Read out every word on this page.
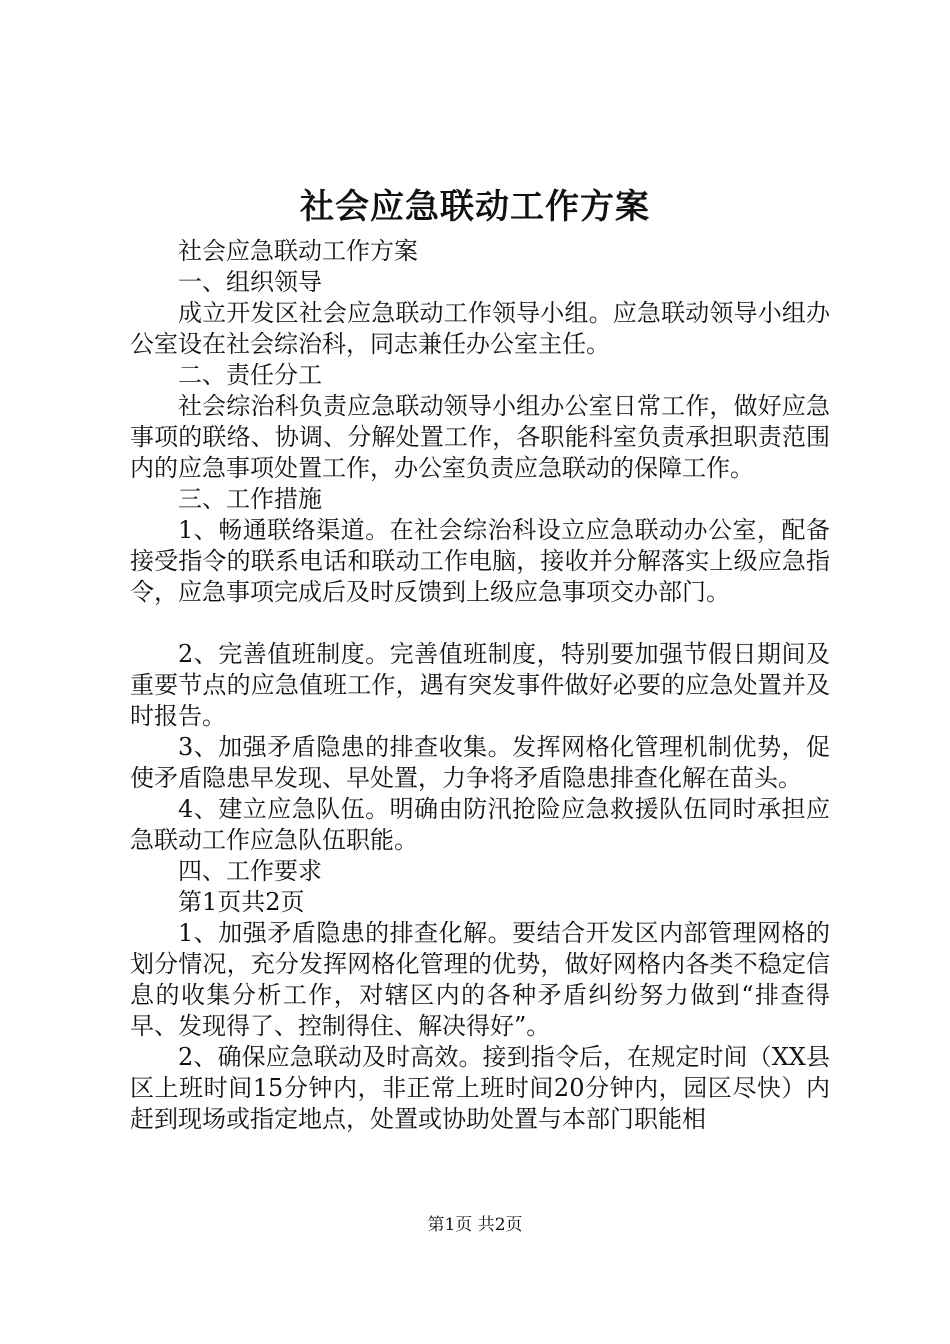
社会应急联动工作方案

社会应急联动工作方案

一、组织领导

成立开发区社会应急联动工作领导小组。应急联动领导小组办公室设在社会综治科，同志兼任办公室主任。

二、责任分工

社会综治科负责应急联动领导小组办公室日常工作，做好应急事项的联络、协调、分解处置工作，各职能科室负责承担职责范围内的应急事项处置工作，办公室负责应急联动的保障工作。

三、工作措施

1、畅通联络渠道。在社会综治科设立应急联动办公室，配备接受指令的联系电话和联动工作电脑，接收并分解落实上级应急指令，应急事项完成后及时反馈到上级应急事项交办部门。

2、完善值班制度。完善值班制度，特别要加强节假日期间及重要节点的应急值班工作，遇有突发事件做好必要的应急处置并及时报告。

3、加强矛盾隐患的排查收集。发挥网格化管理机制优势，促使矛盾隐患早发现、早处置，力争将矛盾隐患排查化解在苗头。

4、建立应急队伍。明确由防汛抢险应急救援队伍同时承担应急联动工作应急队伍职能。

四、工作要求

第1页共2页

1、加强矛盾隐患的排查化解。要结合开发区内部管理网格的划分情况，充分发挥网格化管理的优势，做好网格内各类不稳定信息的收集分析工作，对辖区内的各种矛盾纠纷努力做到“排查得早、发现得了、控制得住、解决得好”。

2、确保应急联动及时高效。接到指令后，在规定时间（XX县区上班时间15分钟内，非正常上班时间20分钟内，园区尽快）内赶到现场或指定地点，处置或协助处置与本部门职能相

第1页 共2页
